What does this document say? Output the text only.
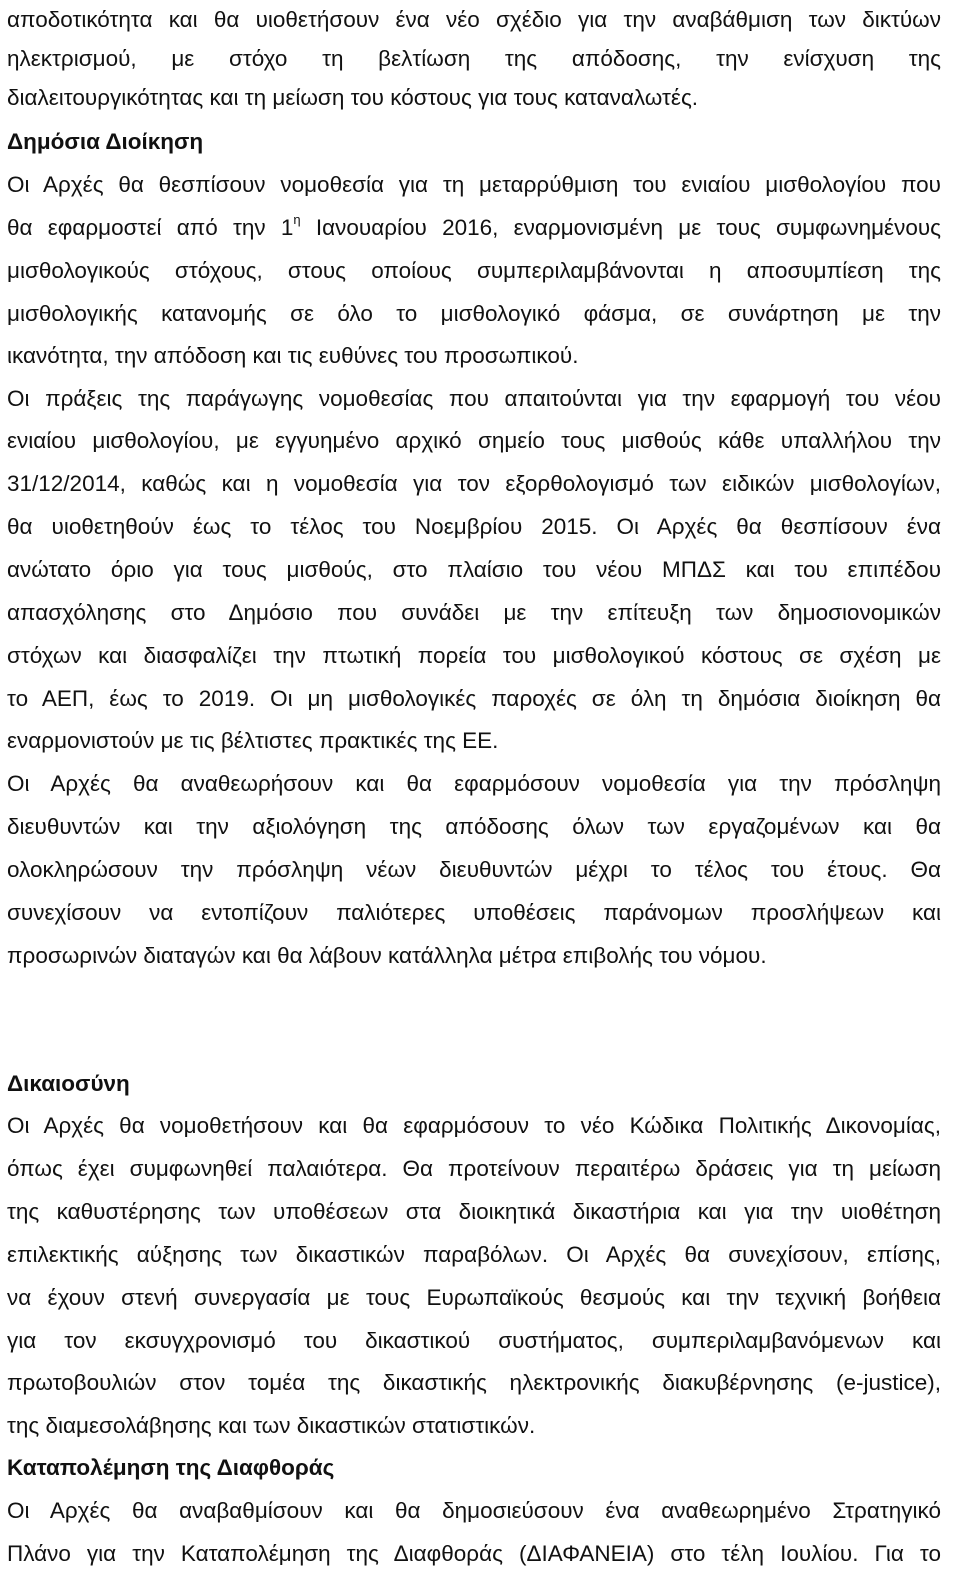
αποδοτικότητα και θα υιοθετήσουν ένα νέο σχέδιο για την αναβάθμιση των δικτύων
ηλεκτρισμού, με στόχο τη βελτίωση της απόδοσης, την ενίσχυση της
διαλειτουργικότητας και τη μείωση του κόστους για τους καταναλωτές.
Δημόσια Διοίκηση
Οι Αρχές θα θεσπίσουν νομοθεσία για τη μεταρρύθμιση του ενιαίου μισθολογίου που
θα εφαρμοστεί από την $1^\eta$ Ιανουαρίου 2016, εναρμονισμένη με τους συμφωνημένους
μισθολογικούς στόχους, στους οποίους συμπεριλαμβάνονται η αποσυμπίεση της
μισθολογικής κατανομής σε όλο το μισθολογικό φάσμα, σε συνάρτηση με την
ικανότητα, την απόδοση και τις ευθύνες του προσωπικού.
Οι πράξεις της παράγωγης νομοθεσίας που απαιτούνται για την εφαρμογή του νέου
ενιαίου μισθολογίου, με εγγυημένο αρχικό σημείο τους μισθούς κάθε υπαλλήλου την
31/12/2014, καθώς και η νομοθεσία για τον εξορθολογισμό των ειδικών μισθολογίων,
θα υιοθετηθούν έως το τέλος του Νοεμβρίου 2015. Οι Αρχές θα θεσπίσουν ένα
ανώτατο όριο για τους μισθούς, στο πλαίσιο του νέου ΜΠΔΣ και του επιπέδου
απασχόλησης στο Δημόσιο που συνάδει με την επίτευξη των δημοσιονομικών
στόχων και διασφαλίζει την πτωτική πορεία του μισθολογικού κόστους σε σχέση με
το ΑΕΠ, έως το 2019. Οι μη μισθολογικές παροχές σε όλη τη δημόσια διοίκηση θα
εναρμονιστούν με τις βέλτιστες πρακτικές της ΕΕ.
Οι Αρχές θα αναθεωρήσουν και θα εφαρμόσουν νομοθεσία για την πρόσληψη
διευθυντών και την αξιολόγηση της απόδοσης όλων των εργαζομένων και θα
ολοκληρώσουν την πρόσληψη νέων διευθυντών μέχρι το τέλος του έτους. Θα
συνεχίσουν να εντοπίζουν παλιότερες υποθέσεις παράνομων προσλήψεων και
προσωρινών διαταγών και θα λάβουν κατάλληλα μέτρα επιβολής του νόμου.
Δικαιοσύνη
Οι Αρχές θα νομοθετήσουν και θα εφαρμόσουν το νέο Κώδικα Πολιτικής Δικονομίας,
όπως έχει συμφωνηθεί παλαιότερα. Θα προτείνουν περαιτέρω δράσεις για τη μείωση
της καθυστέρησης των υποθέσεων στα διοικητικά δικαστήρια και για την υιοθέτηση
επιλεκτικής αύξησης των δικαστικών παραβόλων. Οι Αρχές θα συνεχίσουν, επίσης,
να έχουν στενή συνεργασία με τους Ευρωπαϊκούς θεσμούς και την τεχνική βοήθεια
για τον εκσυγχρονισμό του δικαστικού συστήματος, συμπεριλαμβανόμενων και
πρωτοβουλιών στον τομέα της δικαστικής ηλεκτρονικής διακυβέρνησης (e-justice),
της διαμεσολάβησης και των δικαστικών στατιστικών.
Καταπολέμηση της Διαφθοράς
Οι Αρχές θα αναβαθμίσουν και θα δημοσιεύσουν ένα αναθεωρημένο Στρατηγικό
Πλάνο για την Καταπολέμηση της Διαφθοράς (ΔΙΑΦΑΝΕΙΑ) στο τέλη Ιουλίου. Για το
